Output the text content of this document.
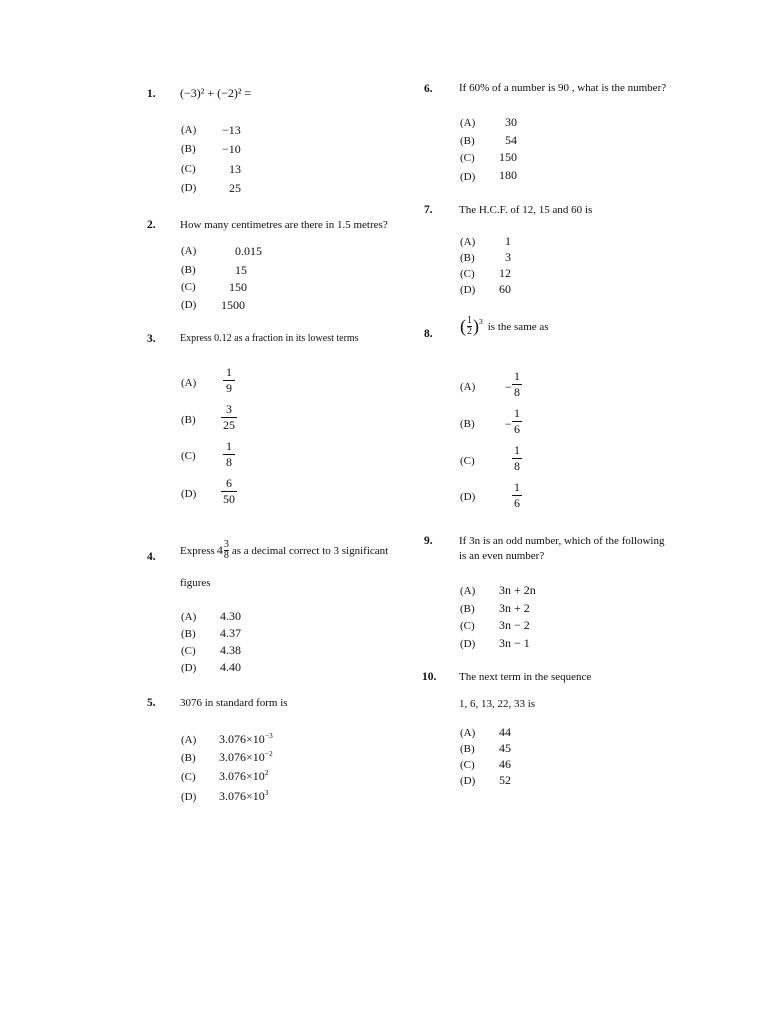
1. (−3)² + (−2)² =
(A) −13
(B) −10
(C)	13
(D)	25
2. How many centimetres are there in 1.5 metres?
(A)	0.015
(B)	15
(C)	150
(D) 1500
3. Express 0.12 as a fraction in its lowest terms
(A)
1
9
(B)
3
25
(C)
1
8
(D)
6
50
4.
Express $4 \frac{3}{8}$ as a decimal correct to 3 significant
figures
(A) 4.30
(B) 4.37
(C) 4.38
(D) 4.40
5. 3076 in standard form is
(A) $3.076\times 10^{-3}$
(B) $3.076\times 10^{-2}$
(C) $3.076\times 10^2$
(D) $3.076\times 10^3$
6. If 60% of a number is 90 , what is the number?
(A) 30
(B)	54
(C) 150
(D) 180
7. The H.C.F. of 12, 15 and 60 is
(A) 1
(B)	3
(C) 12
(D) 60
8. ( $\frac{1}{2}$ ) 3 is the same as
(A) −
1
8
(B)	−
1
6
(C)
1
8
(D)
1
6
9. If 3n is an odd number, which of the following
is an even number?
(A) 3n + 2n
(B) 3n + 2
(C) 3n − 2
(D) 3n − 1
10. The next term in the sequence
1, 6, 13, 22, 33 is
(A) 44
(B) 45
(C) 46
(D) 52
